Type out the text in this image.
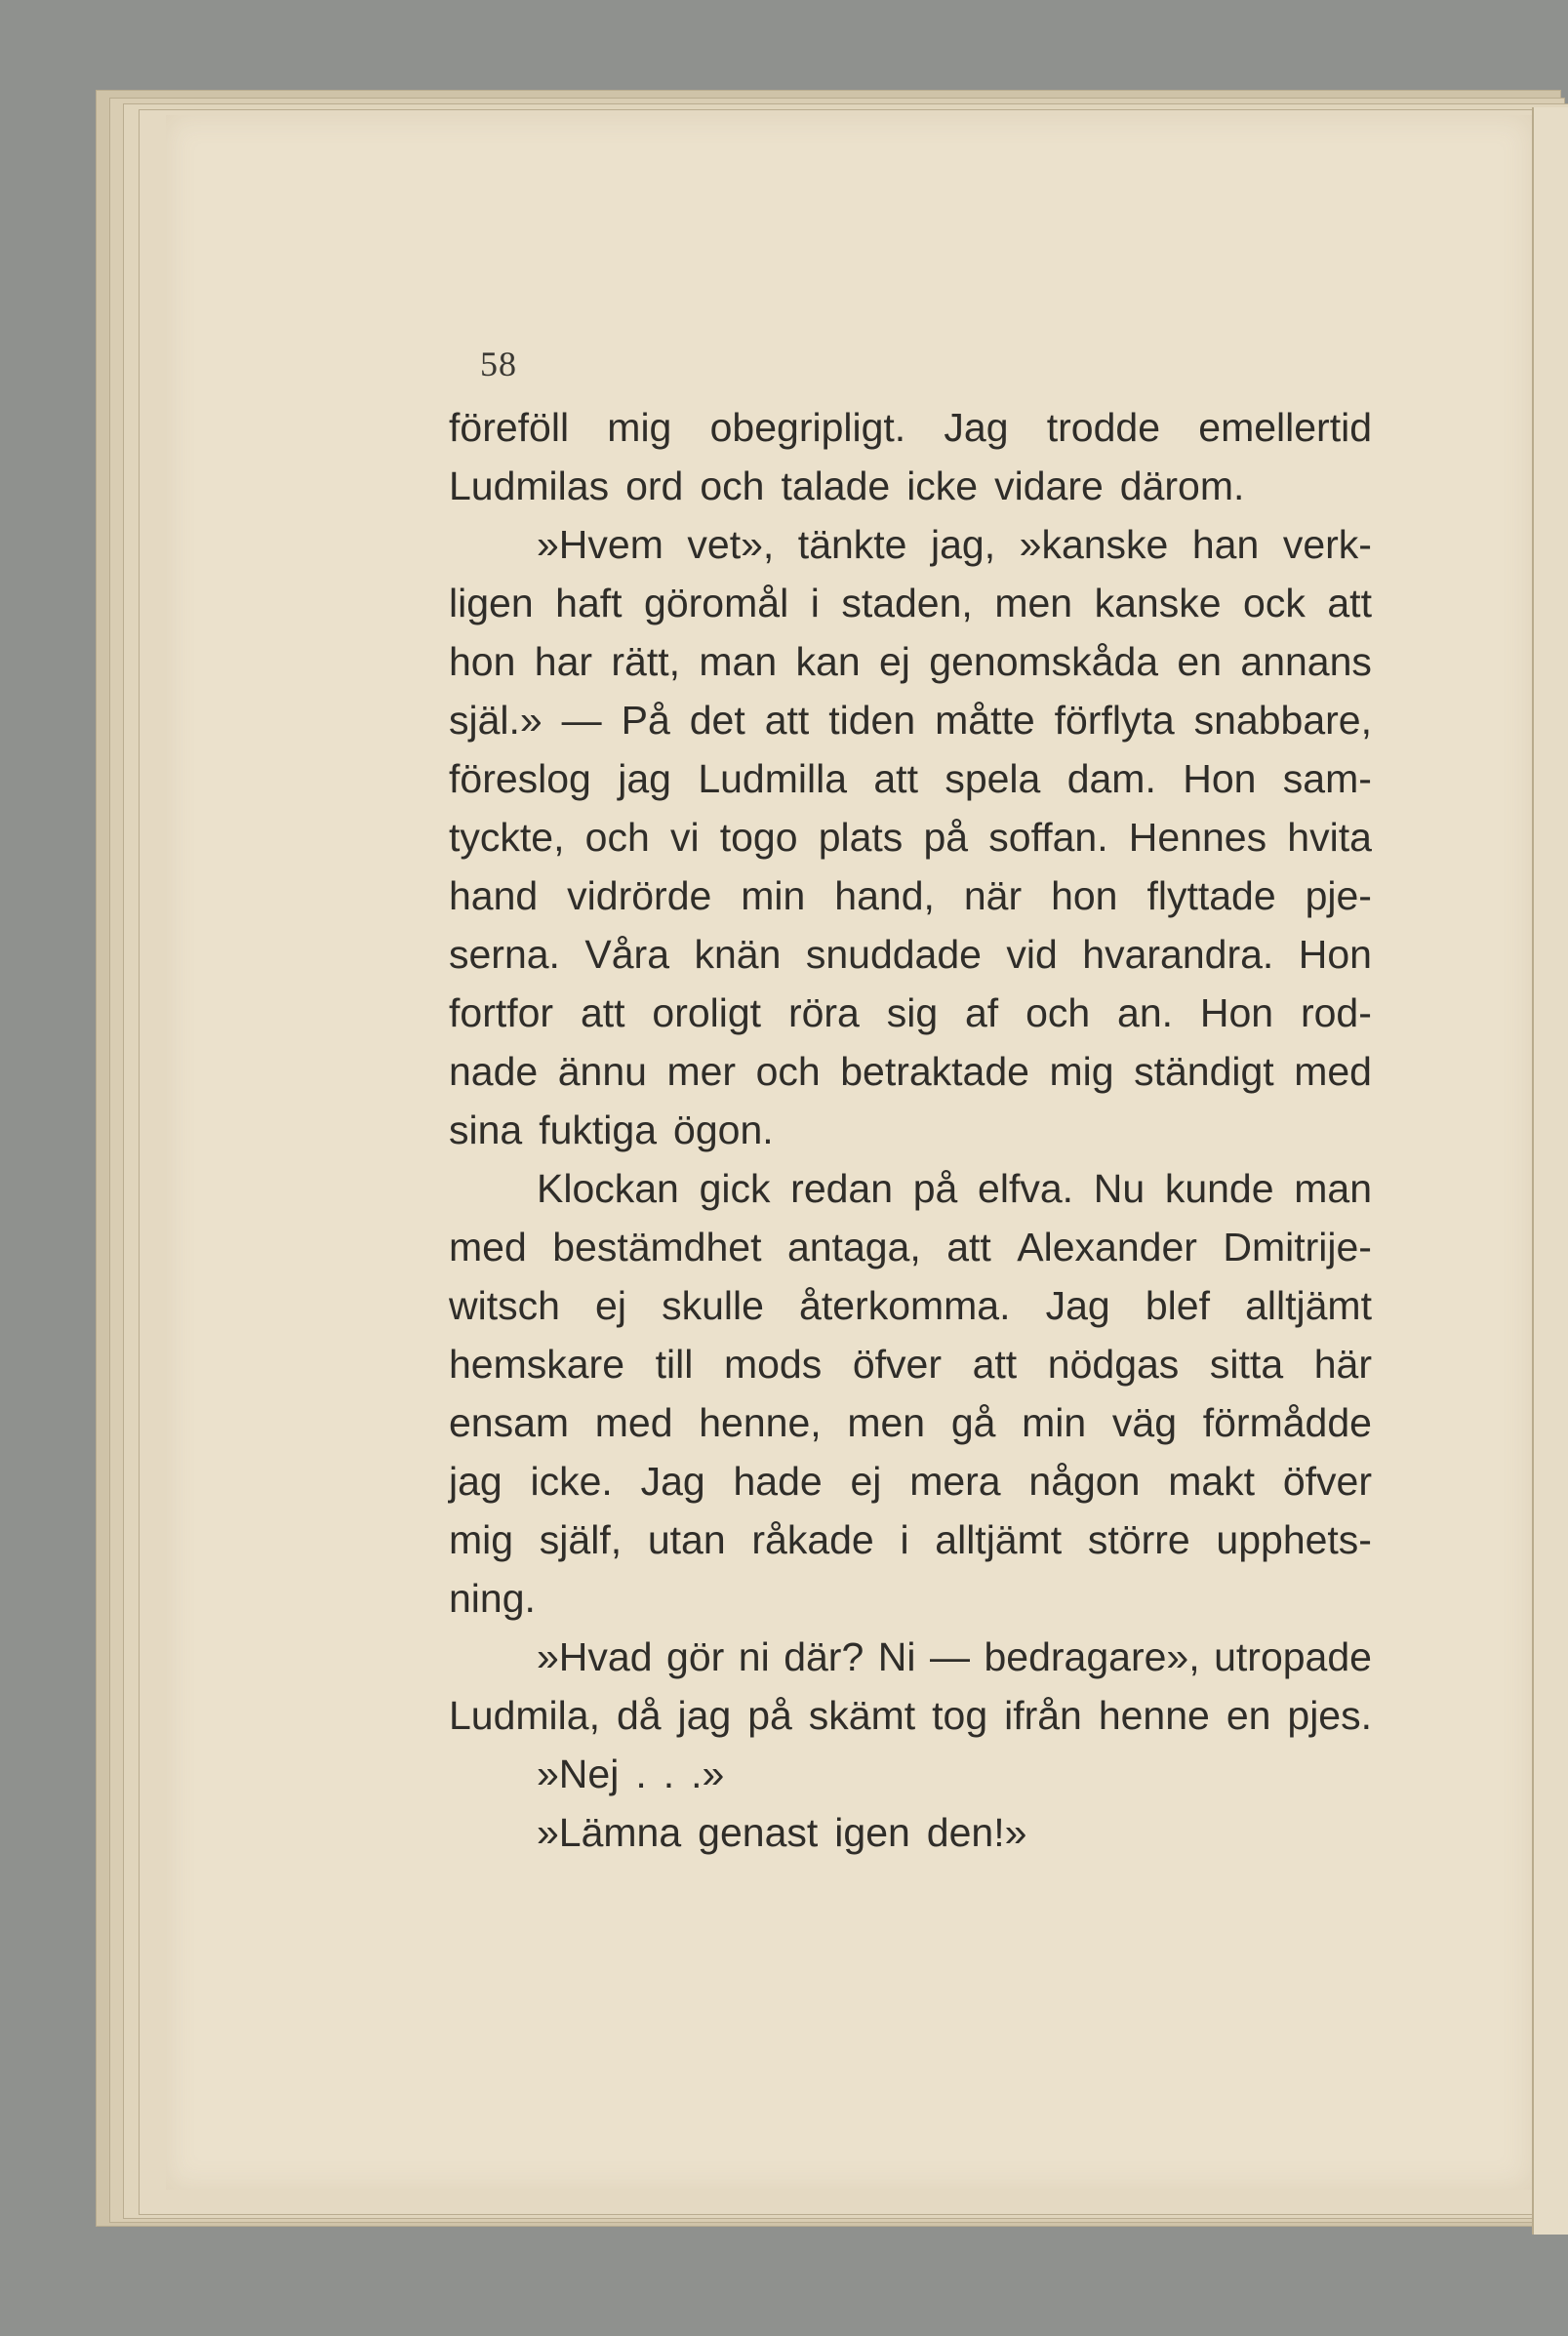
58
föreföll mig obegripligt. Jag trodde emellertid
Ludmilas ord och talade icke vidare därom.
»Hvem vet», tänkte jag, »kanske han verk-
ligen haft göromål i staden, men kanske ock att
hon har rätt, man kan ej genomskåda en annans
själ.» — På det att tiden måtte förflyta snabbare,
föreslog jag Ludmilla att spela dam. Hon sam-
tyckte, och vi togo plats på soffan. Hennes hvita
hand vidrörde min hand, när hon flyttade pje-
serna. Våra knän snuddade vid hvarandra. Hon
fortfor att oroligt röra sig af och an. Hon rod-
nade ännu mer och betraktade mig ständigt med
sina fuktiga ögon.
Klockan gick redan på elfva. Nu kunde man
med bestämdhet antaga, att Alexander Dmitrije-
witsch ej skulle återkomma. Jag blef alltjämt
hemskare till mods öfver att nödgas sitta här
ensam med henne, men gå min väg förmådde
jag icke. Jag hade ej mera någon makt öfver
mig själf, utan råkade i alltjämt större upphets-
ning.
»Hvad gör ni där? Ni — bedragare», utropade
Ludmila, då jag på skämt tog ifrån henne en pjes.
»Nej . . .»
»Lämna genast igen den!»
